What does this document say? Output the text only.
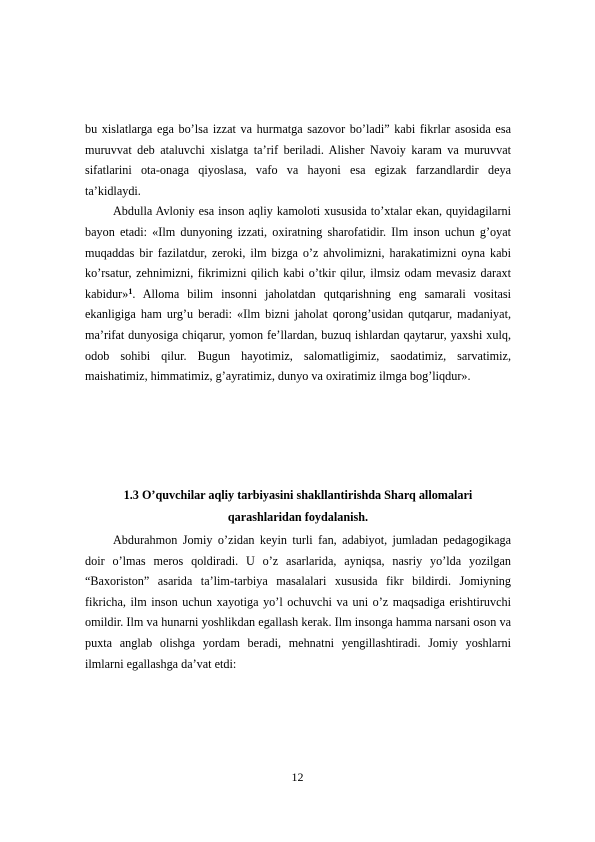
bu xislatlarga ega bo’lsa izzat va hurmatga sazovor bo’ladi” kabi fikrlar asosida esa muruvvat deb ataluvchi xislatga ta’rif beriladi. Alisher Navoiy karam va muruvvat sifatlarini ota-onaga qiyoslasa, vafo va hayoni esa egizak farzandlardir deya ta’kidlaydi.

Abdulla Avloniy esa inson aqliy kamoloti xususida to’xtalar ekan, quyidagilarni bayon etadi: «Ilm dunyoning izzati, oxiratning sharofatidir. Ilm inson uchun g’oyat muqaddas bir fazilatdur, zeroki, ilm bizga o’z ahvolimizni, harakatimizni oyna kabi ko’rsatur, zehnimizni, fikrimizni qilich kabi o’tkir qilur, ilmsiz odam mevasiz daraxt kabidur»$^1$. Alloma bilim insonni jaholatdan qutqarishning eng samarali vositasi ekanligiga ham urg’u beradi: «Ilm bizni jaholat qorong’usidan qutqarur, madaniyat, ma’rifat dunyosiga chiqarur, yomon fe’llardan, buzuq ishlardan qaytarur, yaxshi xulq, odob sohibi qilur. Bugun hayotimiz, salomatligimiz, saodatimiz, sarvatimiz, maishatimiz, himmatimiz, g’ayratimiz, dunyo va oxiratimiz ilmga bog’liqdur».

1.3 O’quvchilar aqliy tarbiyasini shakllantirishda Sharq allomalari

qarashlaridan foydalanish.

Abdurahmon Jomiy o’zidan keyin turli fan, adabiyot, jumladan pedagogikaga doir o’lmas meros qoldiradi. U o’z asarlarida, ayniqsa, nasriy yo’lda yozilgan “Baxoriston” asarida ta’lim-tarbiya masalalari xususida fikr bildirdi. Jomiyning fikricha, ilm inson uchun xayotiga yo’l ochuvchi va uni o’z maqsadiga erishtiruvchi omildir. Ilm va hunarni yoshlikdan egallash kerak. Ilm insonga hamma narsani oson va puxta anglab olishga yordam beradi, mehnatni yengillashtiradi. Jomiy yoshlarni ilmlarni egallashga da’vat etdi:

12
